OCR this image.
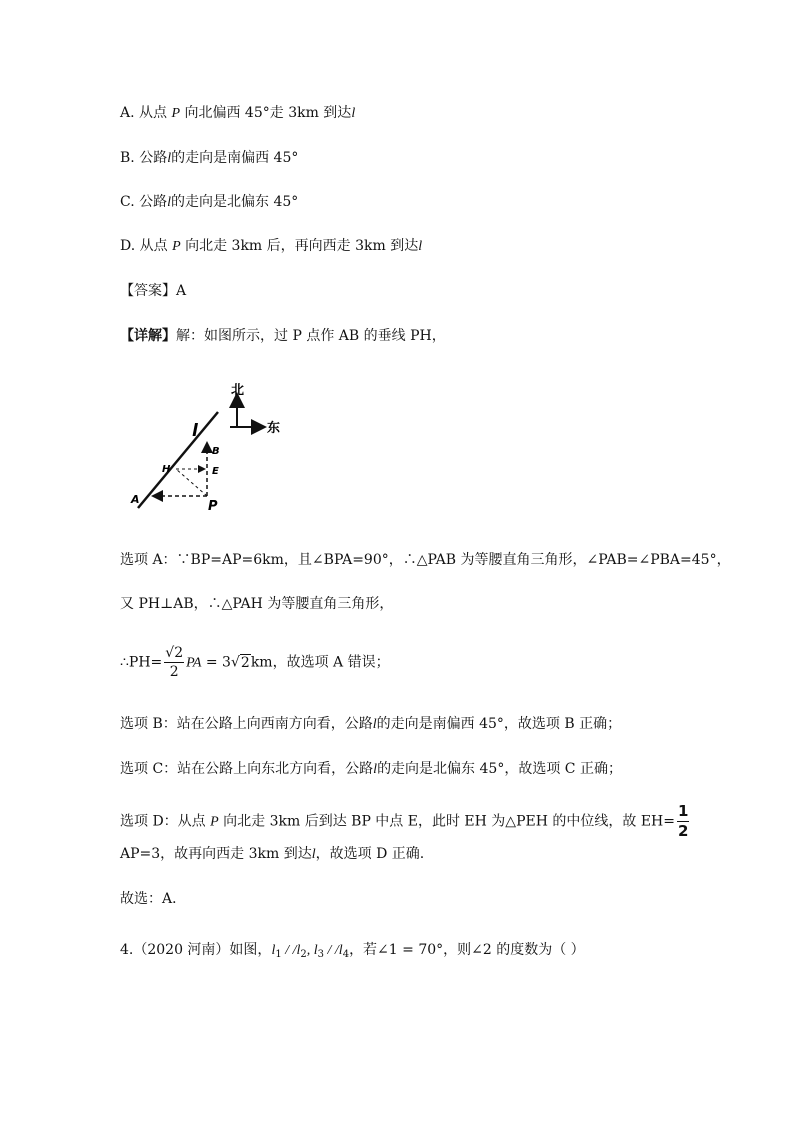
A. 从点 P 向北偏西 45°走 3km 到达l
B. 公路l的走向是南偏西 45°
C. 公路l的走向是北偏东 45°
D. 从点 P 向北走 3km 后，再向西走 3km 到达l
【答案】A
【详解】解：如图所示，过 P 点作 AB 的垂线 PH，
北
东
l
B
H	E
A	P
选项 A：∵BP=AP=6km，且∠BPA=90°，∴△PAB 为等腰直角三角形，∠PAB=∠PBA=45°，
又 PH⊥AB，∴△PAH 为等腰直角三角形，
∴PH= $\frac{√2}{2}$ PA = 3√2km，故选项 A 错误；
选项 B：站在公路上向西南方向看，公路l的走向是南偏西 45°，故选项 B 正确；
选项 C：站在公路上向东北方向看，公路l的走向是北偏东 45°，故选项 C 正确；
选项 D：从点 P 向北走 3km 后到达 BP 中点 E，此时 EH 为△PEH 的中位线，故 $EH= \frac{1}{2}$
AP=3，故再向西走 3km 到达l，故选项 D 正确.
故选：A．
4.（2020 河南）如图，$l_1 / /l_2$, $l_3 / /l_4$，若∠1 = 70°，则∠2 的度数为（ ）
